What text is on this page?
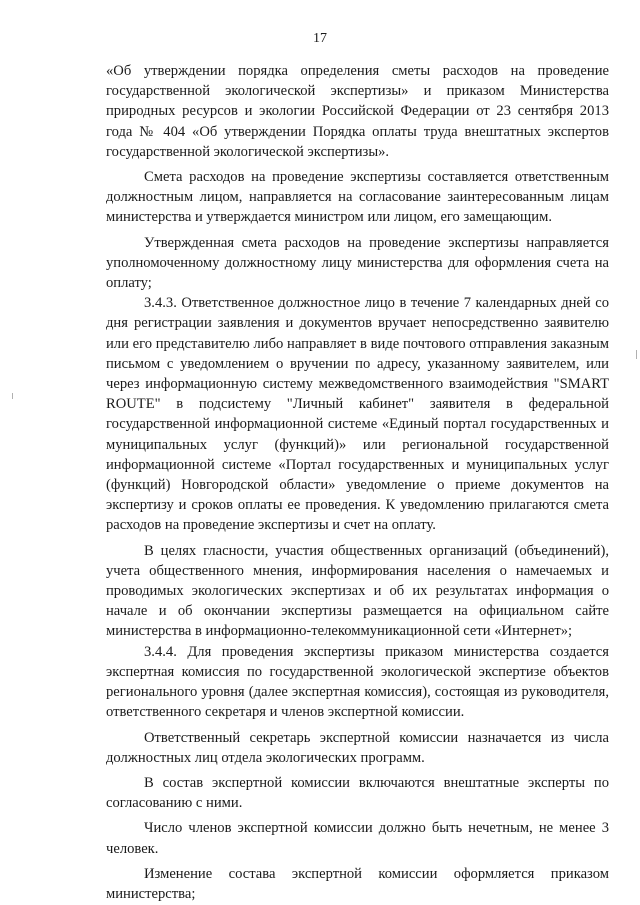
17

«Об утверждении порядка определения сметы расходов на проведение государственной экологической экспертизы» и приказом Министерства природных ресурсов и экологии Российской Федерации от 23 сентября 2013 года № 404 «Об утверждении Порядка оплаты труда внештатных экспертов государственной экологической экспертизы».

Смета расходов на проведение экспертизы составляется ответственным должностным лицом, направляется на согласование заинтересованным лицам министерства и утверждается министром или лицом, его замещающим.

Утвержденная смета расходов на проведение экспертизы направляется уполномоченному должностному лицу министерства для оформления счета на оплату;

3.4.3. Ответственное должностное лицо в течение 7 календарных дней со дня регистрации заявления и документов вручает непосредственно заявителю или его представителю либо направляет в виде почтового отправления заказным письмом с уведомлением о вручении по адресу, указанному заявителем, или через информационную систему межведомственного взаимодействия "SMART ROUTE" в подсистему "Личный кабинет" заявителя в федеральной государственной информационной системе «Единый портал государственных и муниципальных услуг (функций)» или региональной государственной информационной системе «Портал государственных и муниципальных услуг (функций) Новгородской области» уведомление о приеме документов на экспертизу и сроков оплаты ее проведения. К уведомлению прилагаются смета расходов на проведение экспертизы и счет на оплату.

В целях гласности, участия общественных организаций (объединений), учета общественного мнения, информирования населения о намечаемых и проводимых экологических экспертизах и об их результатах информация о начале и об окончании экспертизы размещается на официальном сайте министерства в информационно-телекоммуникационной сети «Интернет»;

3.4.4. Для проведения экспертизы приказом министерства создается экспертная комиссия по государственной экологической экспертизе объектов регионального уровня (далее экспертная комиссия), состоящая из руководителя, ответственного секретаря и членов экспертной комиссии.

Ответственный секретарь экспертной комиссии назначается из числа должностных лиц отдела экологических программ.

В состав экспертной комиссии включаются внештатные эксперты по согласованию с ними.

Число членов экспертной комиссии должно быть нечетным, не менее 3 человек.

Изменение состава экспертной комиссии оформляется приказом министерства;
